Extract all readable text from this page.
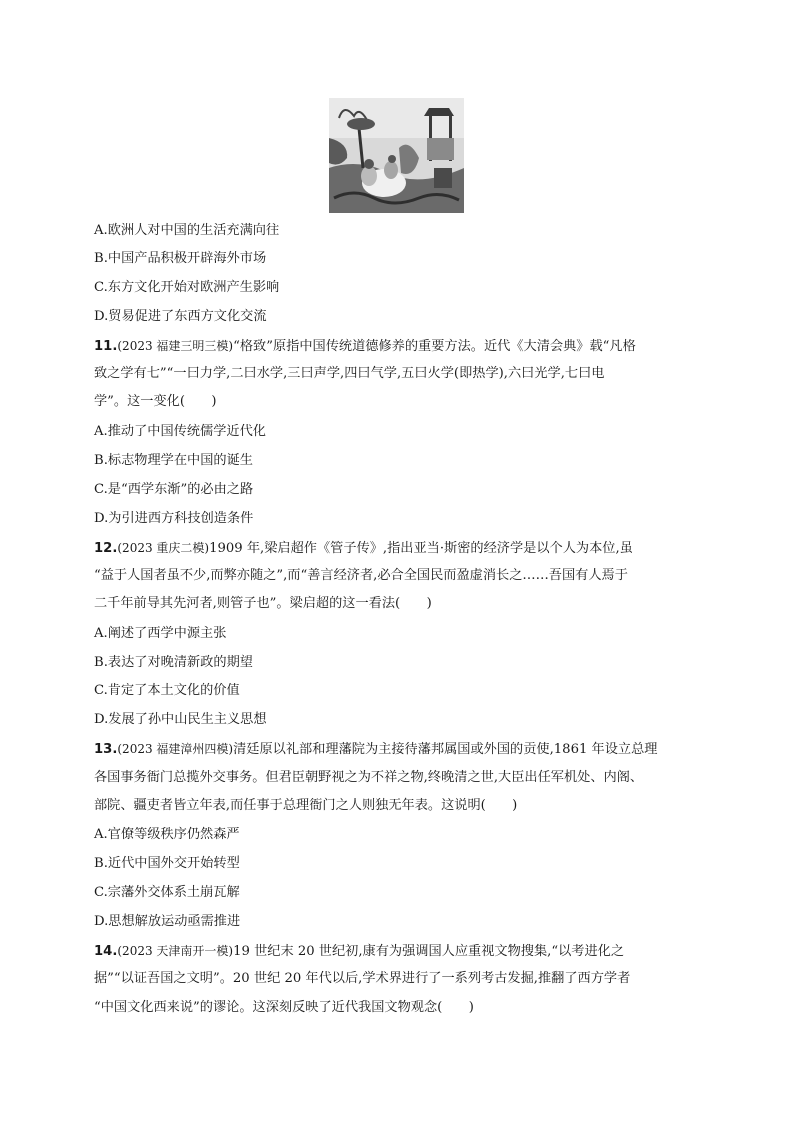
A.欧洲人对中国的生活充满向往
B.中国产品积极开辟海外市场
C.东方文化开始对欧洲产生影响
D.贸易促进了东西方文化交流
11.(2023 福建三明三模)“格致”原指中国传统道德修养的重要方法。近代《大清会典》载“凡格
致之学有七”“一曰力学,二曰水学,三曰声学,四曰气学,五曰火学(即热学),六曰光学,七曰电
学”。这一变化(　　)
A.推动了中国传统儒学近代化
B.标志物理学在中国的诞生
C.是“西学东渐”的必由之路
D.为引进西方科技创造条件
12.(2023 重庆二模)1909 年,梁启超作《管子传》,指出亚当·斯密的经济学是以个人为本位,虽
“益于人国者虽不少,而弊亦随之”,而“善言经济者,必合全国民而盈虚消长之……吾国有人焉于
二千年前导其先河者,则管子也”。梁启超的这一看法(　　)
A.阐述了西学中源主张
B.表达了对晚清新政的期望
C.肯定了本土文化的价值
D.发展了孙中山民生主义思想
13.(2023 福建漳州四模)清廷原以礼部和理藩院为主接待藩邦属国或外国的贡使,1861 年设立总理
各国事务衙门总揽外交事务。但君臣朝野视之为不祥之物,终晚清之世,大臣出任军机处、内阁、
部院、疆吏者皆立年表,而任事于总理衙门之人则独无年表。这说明(　　)
A.官僚等级秩序仍然森严
B.近代中国外交开始转型
C.宗藩外交体系土崩瓦解
D.思想解放运动亟需推进
14.(2023 天津南开一模)19 世纪末 20 世纪初,康有为强调国人应重视文物搜集,“以考进化之
据”“以证吾国之文明”。20 世纪 20 年代以后,学术界进行了一系列考古发掘,推翻了西方学者
“中国文化西来说”的谬论。这深刻反映了近代我国文物观念(　　)
